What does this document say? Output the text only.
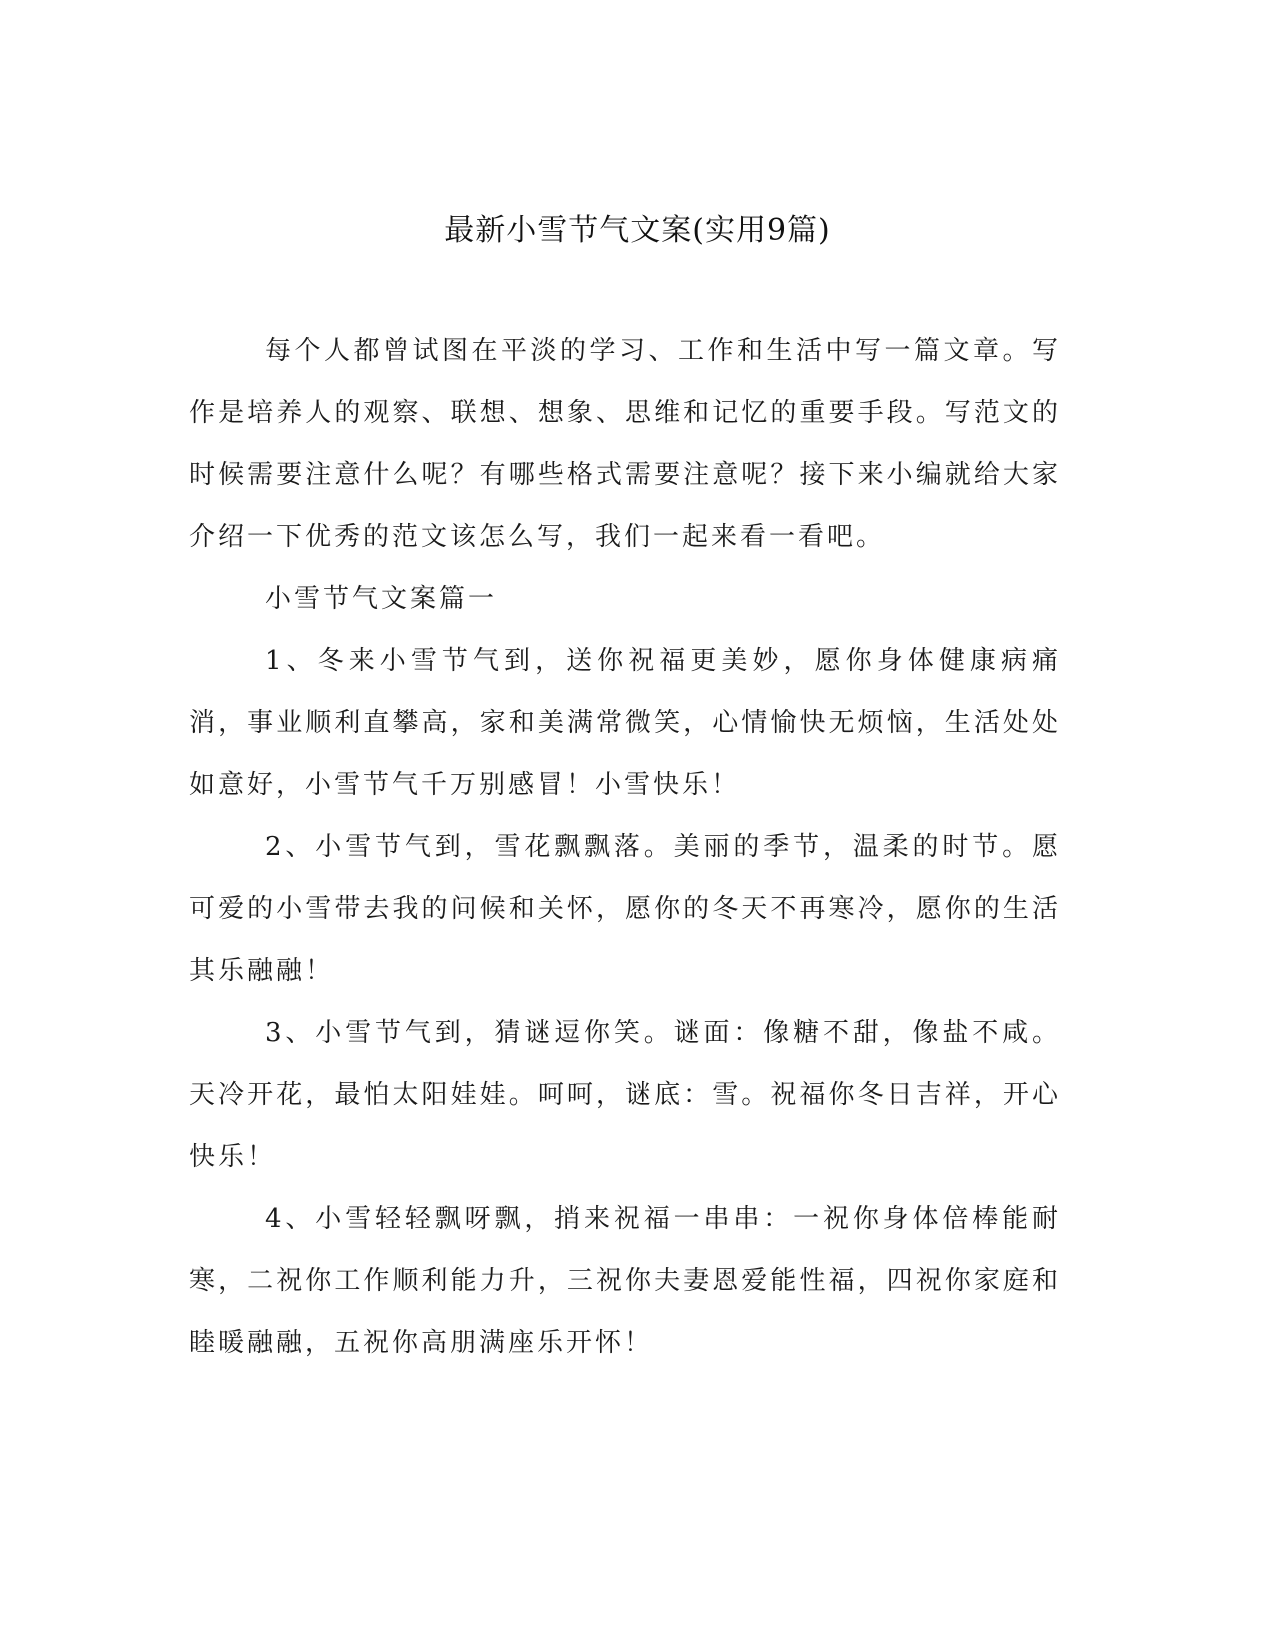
最新小雪节气文案(实用9篇)

每个人都曾试图在平淡的学习、工作和生活中写一篇文章。写作是培养人的观察、联想、想象、思维和记忆的重要手段。写范文的时候需要注意什么呢？有哪些格式需要注意呢？接下来小编就给大家介绍一下优秀的范文该怎么写，我们一起来看一看吧。

小雪节气文案篇一

1、冬来小雪节气到，送你祝福更美妙，愿你身体健康病痛消，事业顺利直攀高，家和美满常微笑，心情愉快无烦恼，生活处处如意好，小雪节气千万别感冒！小雪快乐！

2、小雪节气到，雪花飘飘落。美丽的季节，温柔的时节。愿可爱的小雪带去我的问候和关怀，愿你的冬天不再寒冷，愿你的生活其乐融融！

3、小雪节气到，猜谜逗你笑。谜面：像糖不甜，像盐不咸。天冷开花，最怕太阳娃娃。呵呵，谜底：雪。祝福你冬日吉祥，开心快乐！

4、小雪轻轻飘呀飘，捎来祝福一串串：一祝你身体倍棒能耐寒，二祝你工作顺利能力升，三祝你夫妻恩爱能性福，四祝你家庭和睦暖融融，五祝你高朋满座乐开怀！
